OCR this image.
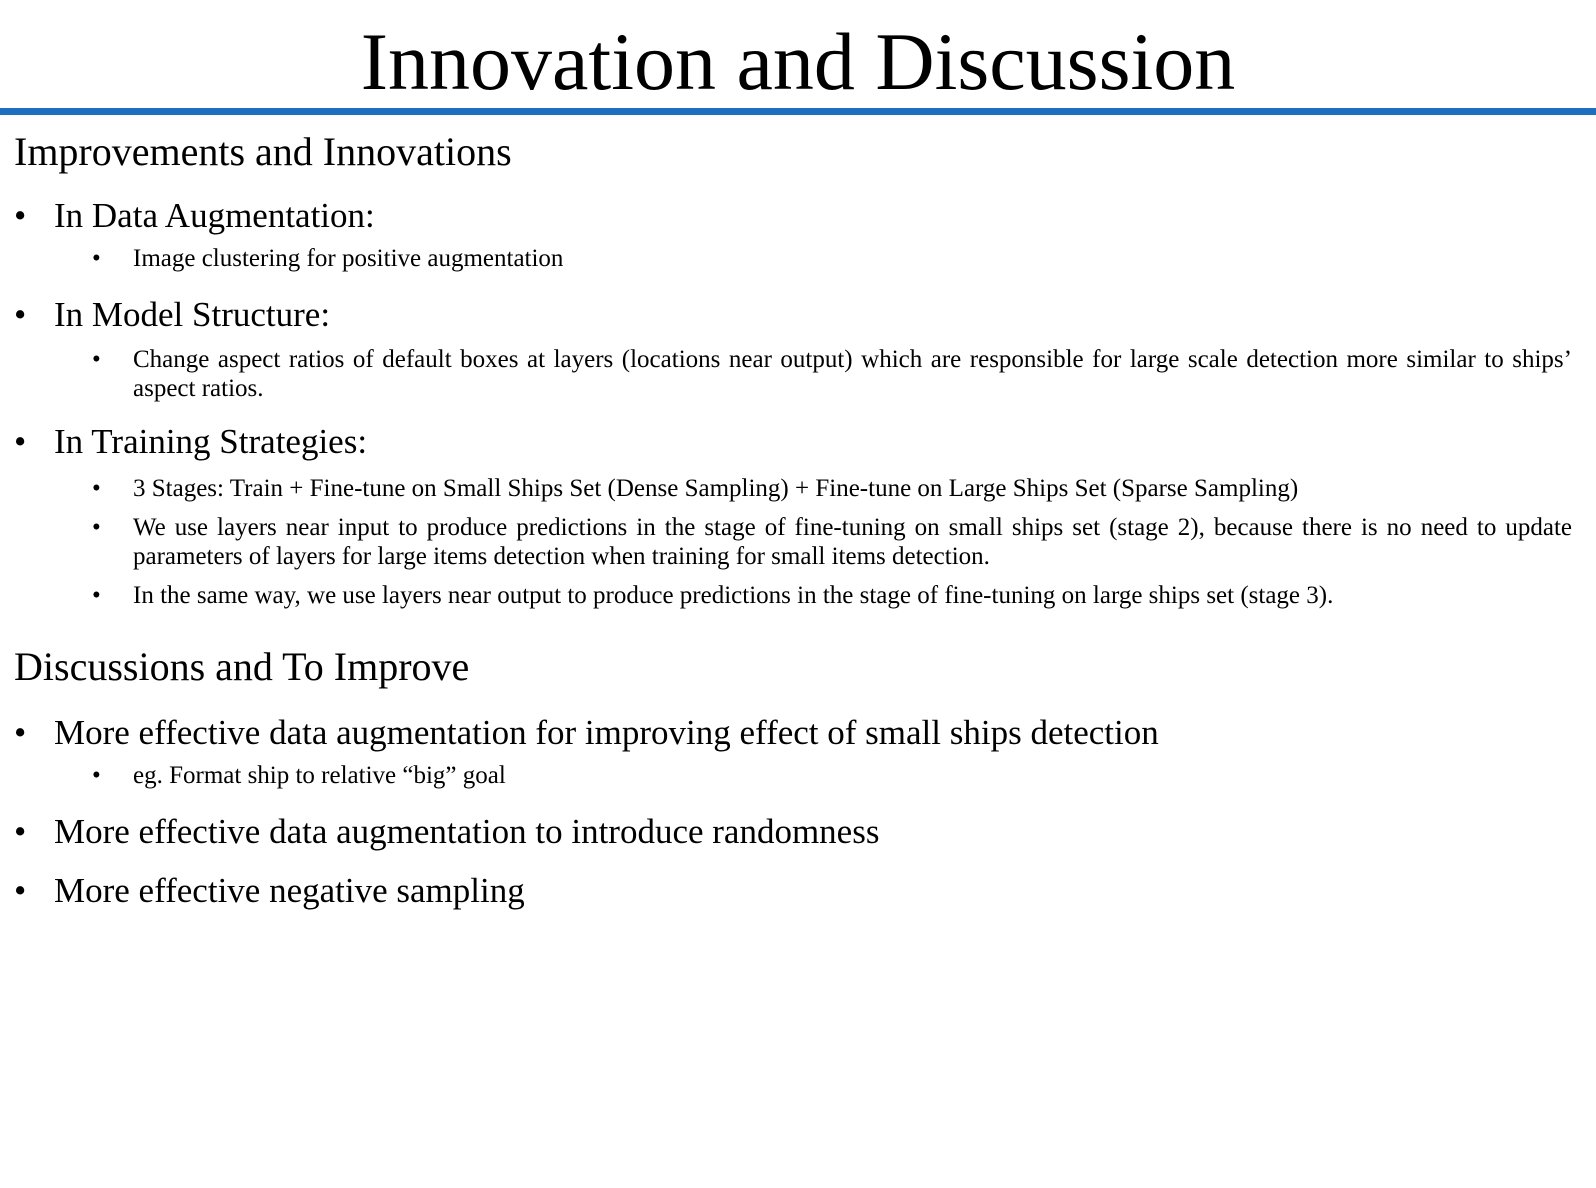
Innovation and Discussion
Improvements and Innovations
• In Data Augmentation:
• Image clustering for positive augmentation
• In Model Structure:
• Change aspect ratios of default boxes at layers (locations near output) which are responsible for large scale detection more similar to ships’ aspect ratios.
• In Training Strategies:
• 3 Stages: Train + Fine-tune on Small Ships Set (Dense Sampling) + Fine-tune on Large Ships Set (Sparse Sampling)
• We use layers near input to produce predictions in the stage of fine-tuning on small ships set (stage 2), because there is no need to update parameters of layers for large items detection when training for small items detection.
• In the same way, we use layers near output to produce predictions in the stage of fine-tuning on large ships set (stage 3).
Discussions and To Improve
• More effective data augmentation for improving effect of small ships detection
• eg. Format ship to relative “big” goal
• More effective data augmentation to introduce randomness
• More effective negative sampling
